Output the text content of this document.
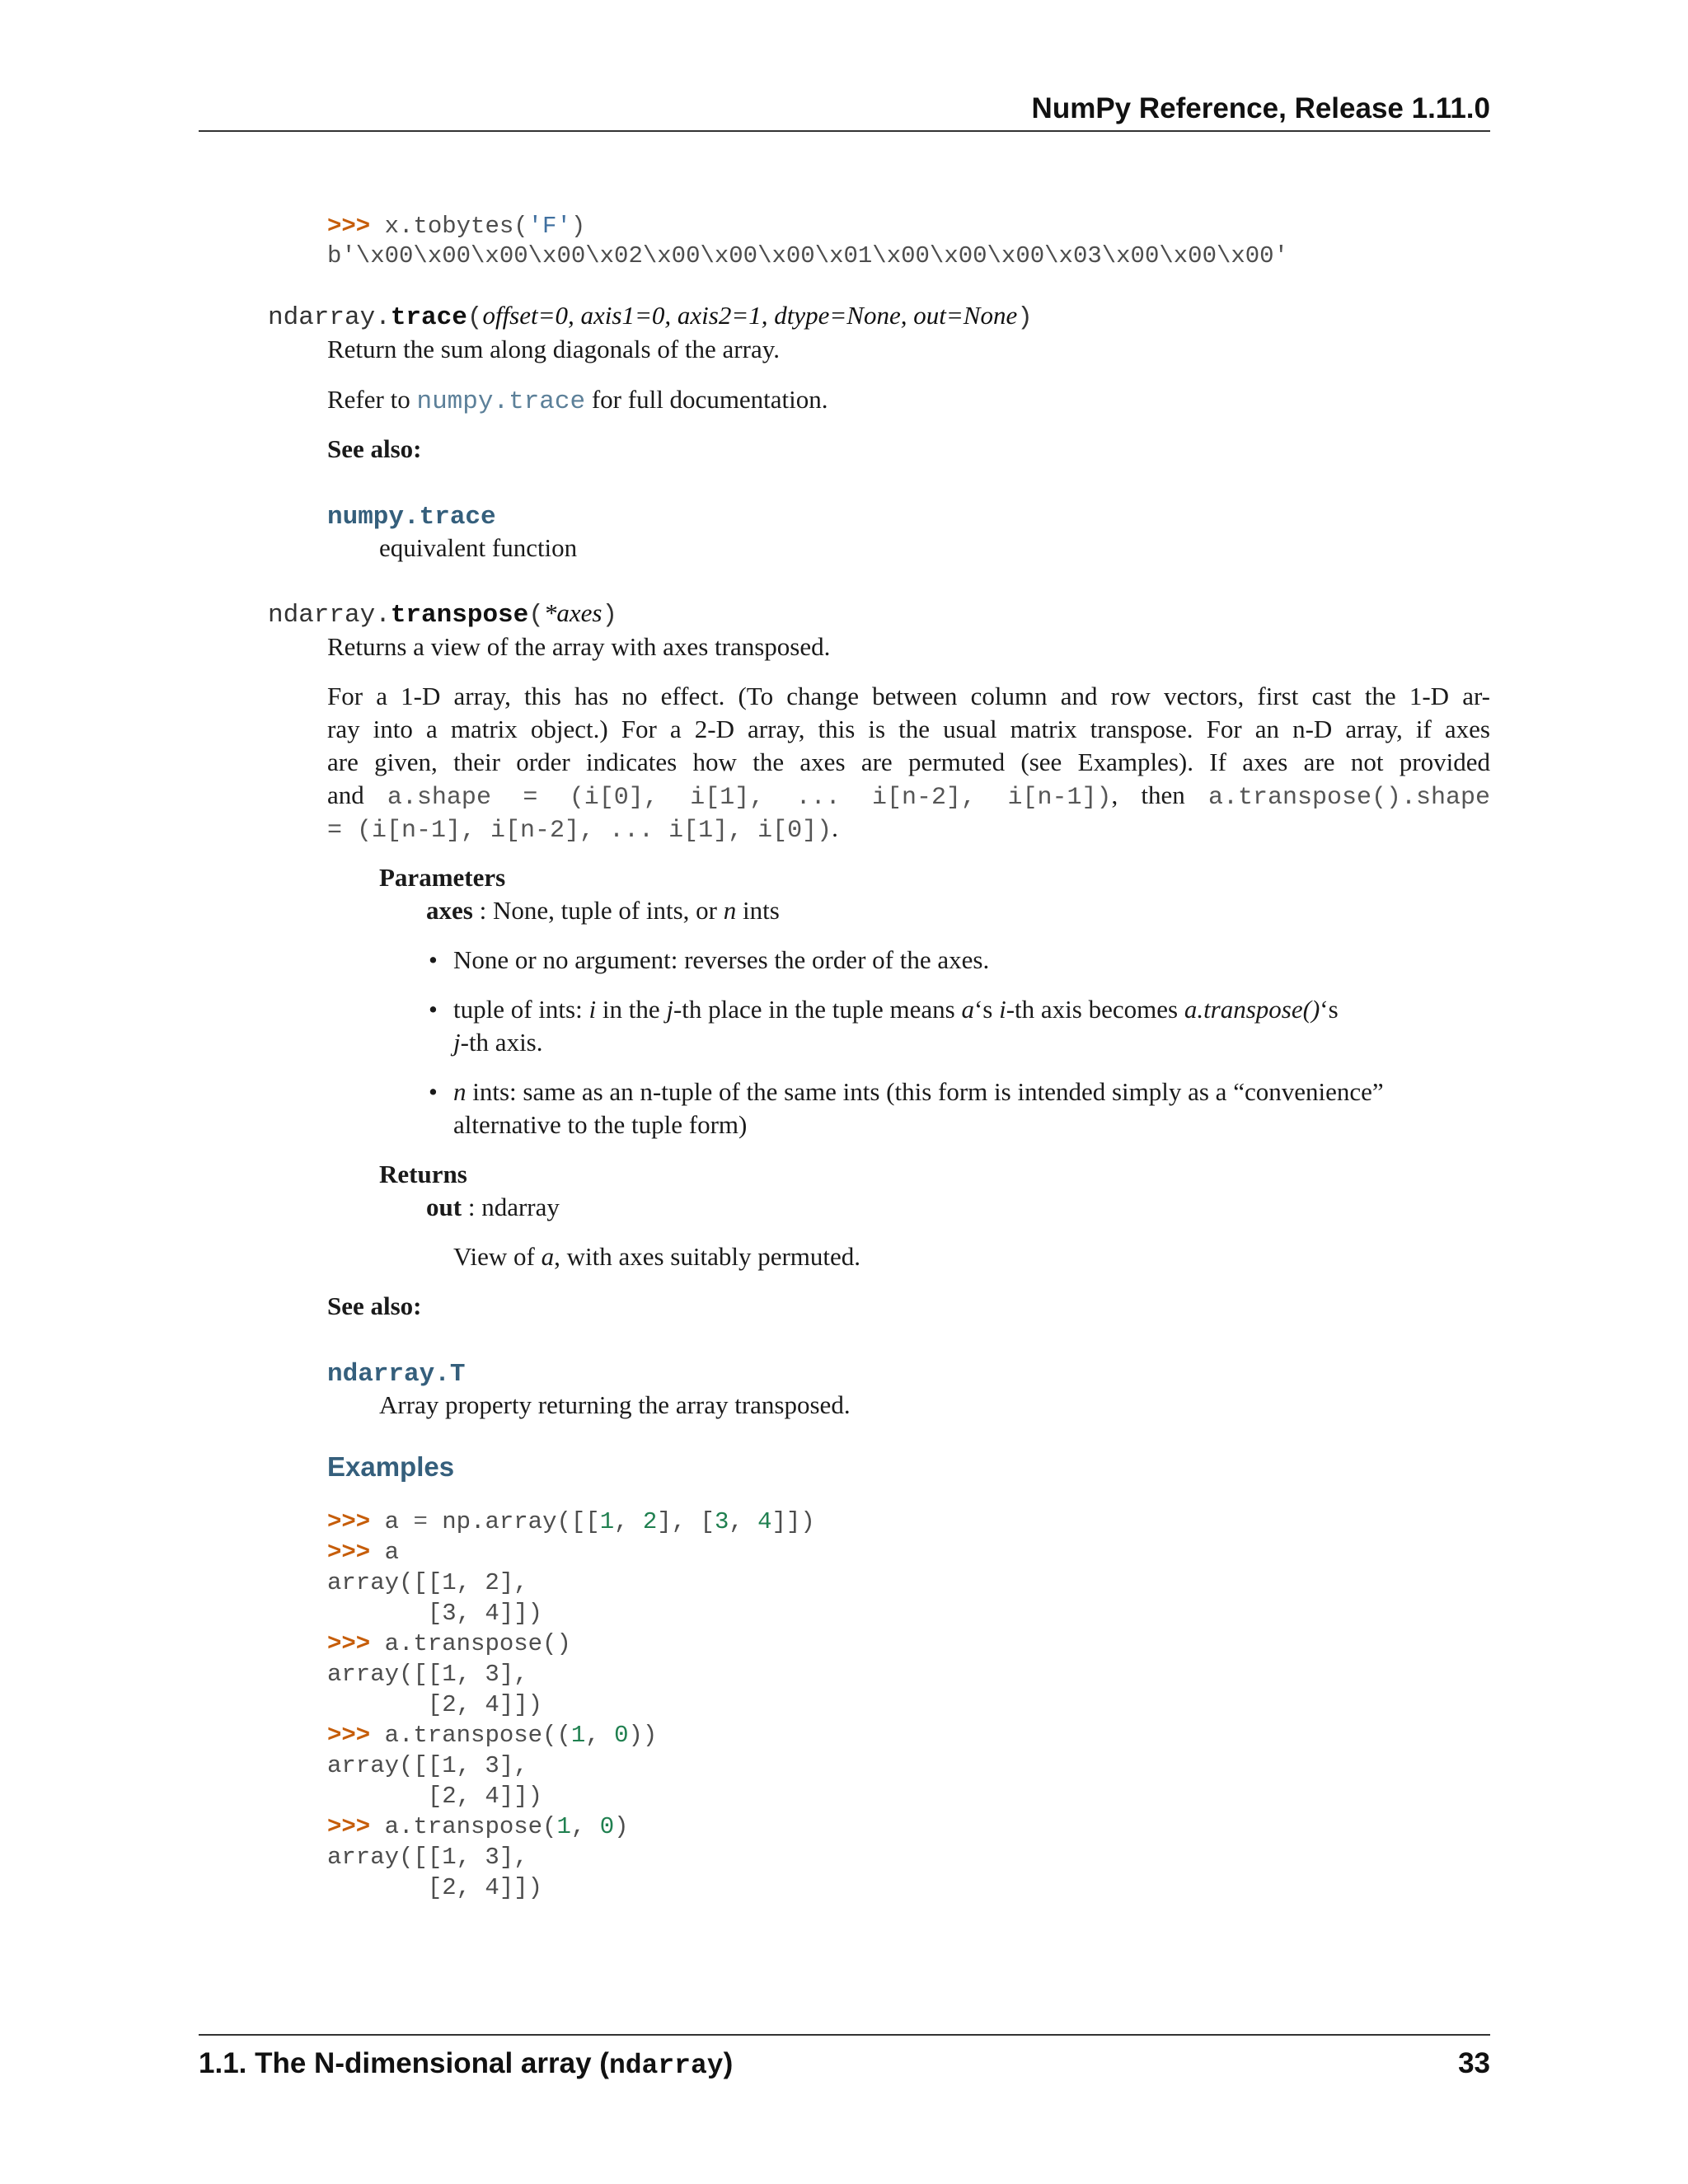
NumPy Reference, Release 1.11.0
>>> x.tobytes('F')
b'\x00\x00\x00\x00\x02\x00\x00\x00\x01\x00\x00\x00\x03\x00\x00\x00'
ndarray.trace(offset=0, axis1=0, axis2=1, dtype=None, out=None)
Return the sum along diagonals of the array.
Refer to numpy.trace for full documentation.
See also:
numpy.trace
equivalent function
ndarray.transpose(*axes)
Returns a view of the array with axes transposed.
For a 1-D array, this has no effect. (To change between column and row vectors, first cast the 1-D ar-
ray into a matrix object.) For a 2-D array, this is the usual matrix transpose. For an n-D array, if axes
are given, their order indicates how the axes are permuted (see Examples). If axes are not provided
and a.shape = (i[0], i[1], ... i[n-2], i[n-1]), then a.transpose().shape
= (i[n-1], i[n-2], ... i[1], i[0]).
Parameters
axes : None, tuple of ints, or n ints
• None or no argument: reverses the order of the axes.
• tuple of ints: i in the j-th place in the tuple means a‘s i-th axis becomes a.transpose()‘s
j-th axis.
• n ints: same as an n-tuple of the same ints (this form is intended simply as a “convenience”
alternative to the tuple form)
Returns
out : ndarray
View of a, with axes suitably permuted.
See also:
ndarray.T
Array property returning the array transposed.
Examples
>>> a = np.array([[1, 2], [3, 4]])
>>> a
array([[1, 2],
[3, 4]])
>>> a.transpose()
array([[1, 3],
[2, 4]])
>>> a.transpose((1, 0))
array([[1, 3],
[2, 4]])
>>> a.transpose(1, 0)
array([[1, 3],
[2, 4]])
1.1. The N-dimensional array (ndarray)	33
